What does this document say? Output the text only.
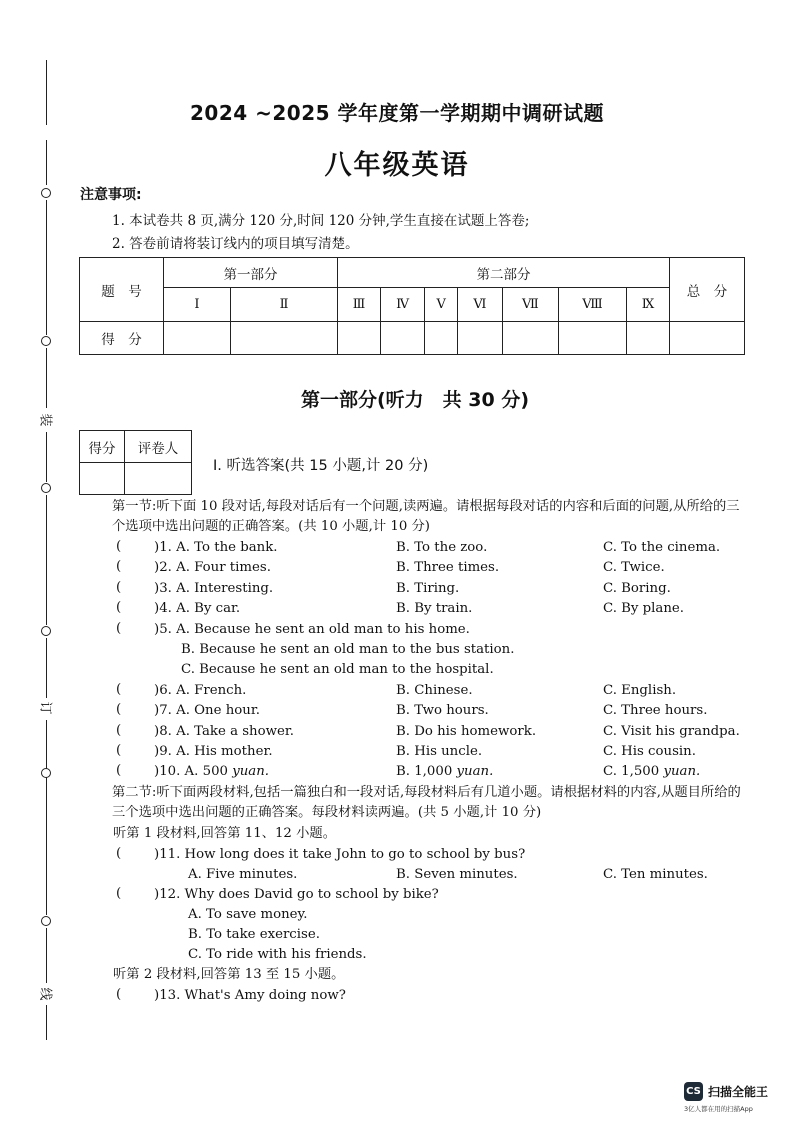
装
订
线
2024 ~2025 学年度第一学期期中调研试题
八年级英语
注意事项:
1. 本试卷共 8 页,满分 120 分,时间 120 分钟,学生直接在试题上答卷;
2. 答卷前请将装订线内的项目填写清楚。
题　号	第一部分		第二部分							总　分
	Ⅰ	Ⅱ	Ⅲ	Ⅳ	Ⅴ	Ⅵ	Ⅶ	Ⅷ	Ⅸ	
得　分										
第一部分(听力　共 30 分)
得分	评卷人

Ⅰ. 听选答案(共 15 小题,计 20 分)
第一节:听下面 10 段对话,每段对话后有一个问题,读两遍。请根据每段对话的内容和后面的问题,从所给的三个选项中选出问题的正确答案。(共 10 小题,计 10 分)
( )1. A. To the bank.	B. To the zoo.	C. To the cinema.
( )2. A. Four times.	B. Three times.	C. Twice.
( )3. A. Interesting.	B. Tiring.	C. Boring.
( )4. A. By car.	B. By train.	C. By plane.
( )5. A. Because he sent an old man to his home.
B. Because he sent an old man to the bus station.
C. Because he sent an old man to the hospital.
( )6. A. French.	B. Chinese.	C. English.
( )7. A. One hour.	B. Two hours.	C. Three hours.
( )8. A. Take a shower.	B. Do his homework.	C. Visit his grandpa.
( )9. A. His mother.	B. His uncle.	C. His cousin.
( )10. A. 500 yuan.	B. 1,000 yuan.	C. 1,500 yuan.
第二节:听下面两段材料,包括一篇独白和一段对话,每段材料后有几道小题。请根据材料的内容,从题目所给的三个选项中选出问题的正确答案。每段材料读两遍。(共 5 小题,计 10 分)
听第 1 段材料,回答第 11、12 小题。
( )11. How long does it take John to go to school by bus?
A. Five minutes.	B. Seven minutes.	C. Ten minutes.
( )12. Why does David go to school by bike?
A. To save money.
B. To take exercise.
C. To ride with his friends.
听第 2 段材料,回答第 13 至 15 小题。
( )13. What's Amy doing now?
CS 扫描全能王
3亿人都在用的扫描App
